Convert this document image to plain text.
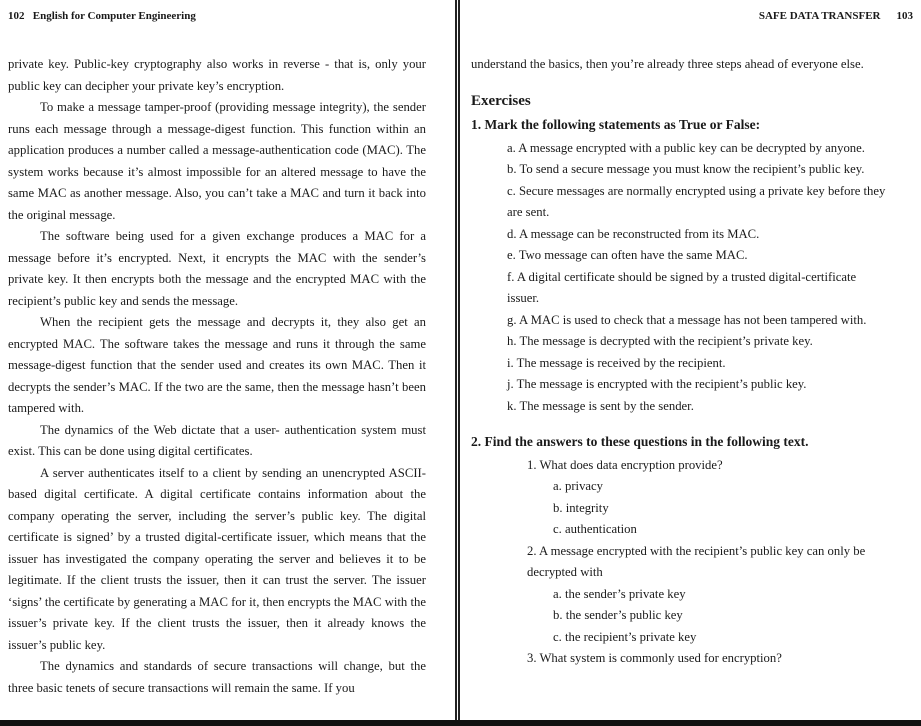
102 English for Computer Engineering

private key. Public-key cryptography also works in reverse - that is, only your public key can decipher your private key’s encryption.

To make a message tamper-proof (providing message integrity), the sender runs each message through a message-digest function. This function within an application produces a number called a message-authentication code (MAC). The system works because it’s almost impossible for an altered message to have the same MAC as another message. Also, you can’t take a MAC and turn it back into the original message.

The software being used for a given exchange produces a MAC for a message before it’s encrypted. Next, it encrypts the MAC with the sender’s private key. It then encrypts both the message and the encrypted MAC with the recipient’s public key and sends the message.

When the recipient gets the message and decrypts it, they also get an encrypted MAC. The software takes the message and runs it through the same message-digest function that the sender used and creates its own MAC. Then it decrypts the sender’s MAC. If the two are the same, then the message hasn’t been tampered with.

The dynamics of the Web dictate that a user- authentication system must exist. This can be done using digital certificates.

A server authenticates itself to a client by sending an unencrypted ASCII-based digital certificate. A digital certificate contains information about the company operating the server, including the server’s public key. The digital certificate is signed’ by a trusted digital-certificate issuer, which means that the issuer has investigated the company operating the server and believes it to be legitimate. If the client trusts the issuer, then it can trust the server. The issuer ‘signs’ the certificate by generating a MAC for it, then encrypts the MAC with the issuer’s private key. If the client trusts the issuer, then it already knows the issuer’s public key.

The dynamics and standards of secure transactions will change, but the three basic tenets of secure transactions will remain the same. If you

SAFE DATA TRANSFER 103

understand the basics, then you’re already three steps ahead of everyone else.

Exercises
1. Mark the following statements as True or False:
a. A message encrypted with a public key can be decrypted by anyone.
b. To send a secure message you must know the recipient’s public key.
c. Secure messages are normally encrypted using a private key before they are sent.
d. A message can be reconstructed from its MAC.
e. Two message can often have the same MAC.
f. A digital certificate should be signed by a trusted digital-certificate issuer.
g. A MAC is used to check that a message has not been tampered with.
h. The message is decrypted with the recipient’s private key.
i. The message is received by the recipient.
j. The message is encrypted with the recipient’s public key.
k. The message is sent by the sender.
2. Find the answers to these questions in the following text.
1. What does data encryption provide?
a. privacy
b. integrity
c. authentication
2. A message encrypted with the recipient’s public key can only be decrypted with
a. the sender’s private key
b. the sender’s public key
c. the recipient’s private key
3. What system is commonly used for encryption?
